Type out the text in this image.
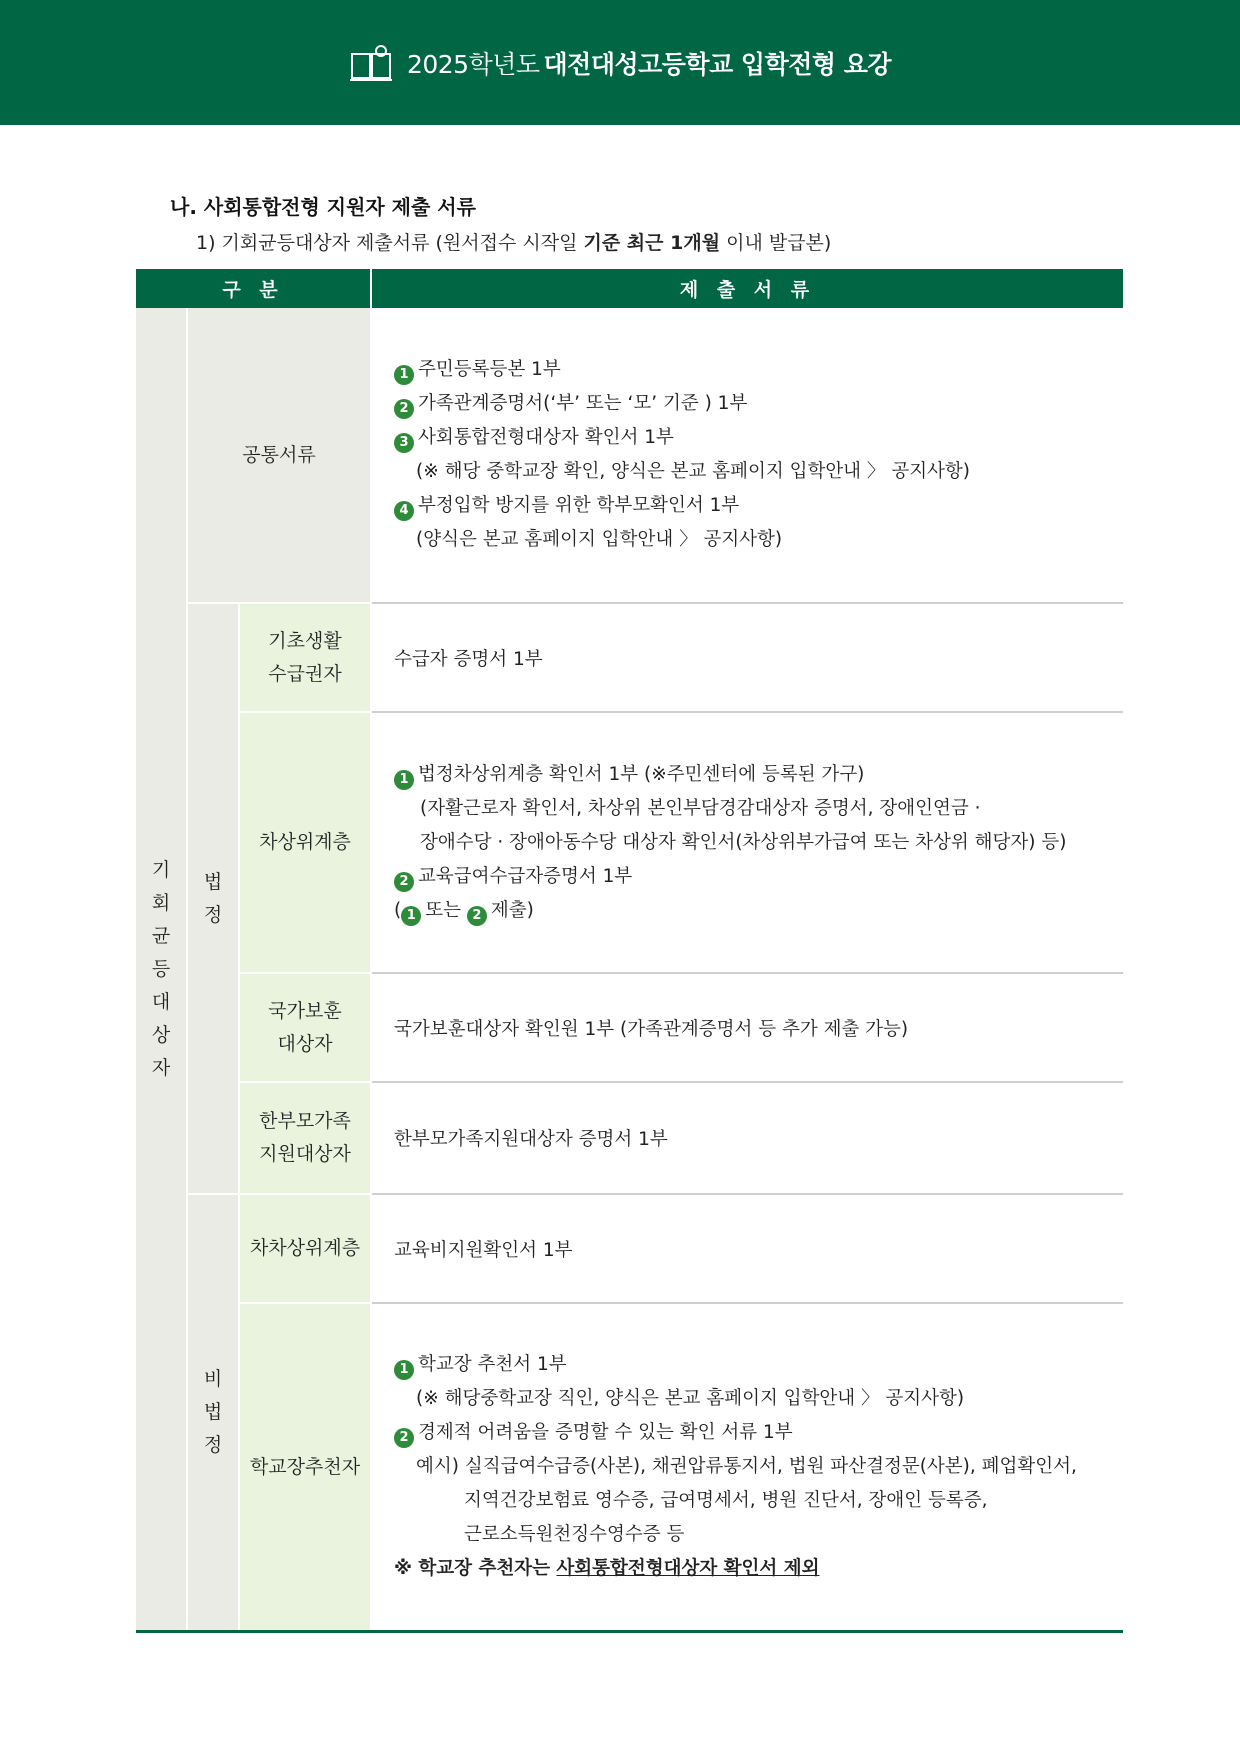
2025학년도 대전대성고등학교 입학전형 요강
나. 사회통합전형 지원자 제출 서류
1) 기회균등대상자 제출서류 (원서접수 시작일 기준 최근 1개월 이내 발급본)
구 분	제 출 서 류
기
회
균
등
대
상
자
공통서류
법
정
비
법
정
기초생활
수급권자
차상위계층
국가보훈
대상자
한부모가족
지원대상자
차차상위계층
학교장추천자
1 주민등록등본 1부
2 가족관계증명서(‘부’ 또는 ‘모’ 기준 ) 1부
3 사회통합전형대상자 확인서 1부
(※ 해당 중학교장 확인, 양식은 본교 홈페이지 입학안내 〉 공지사항)
4 부정입학 방지를 위한 학부모확인서 1부
(양식은 본교 홈페이지 입학안내 〉 공지사항)
수급자 증명서 1부
1 법정차상위계층 확인서 1부 (※주민센터에 등록된 가구)
(자활근로자 확인서, 차상위 본인부담경감대상자 증명서, 장애인연금 ·
장애수당 · 장애아동수당 대상자 확인서(차상위부가급여 또는 차상위 해당자) 등)
2 교육급여수급자증명서 1부
( 1 또는 2 제출)
국가보훈대상자 확인원 1부 (가족관계증명서 등 추가 제출 가능)
한부모가족지원대상자 증명서 1부
교육비지원확인서 1부
1 학교장 추천서 1부
(※ 해당중학교장 직인, 양식은 본교 홈페이지 입학안내 〉 공지사항)
2 경제적 어려움을 증명할 수 있는 확인 서류 1부
예시) 실직급여수급증(사본), 채권압류통지서, 법원 파산결정문(사본), 폐업확인서,
지역건강보험료 영수증, 급여명세서, 병원 진단서, 장애인 등록증,
근로소득원천징수영수증 등
※ 학교장 추천자는 사회통합전형대상자 확인서 제외
